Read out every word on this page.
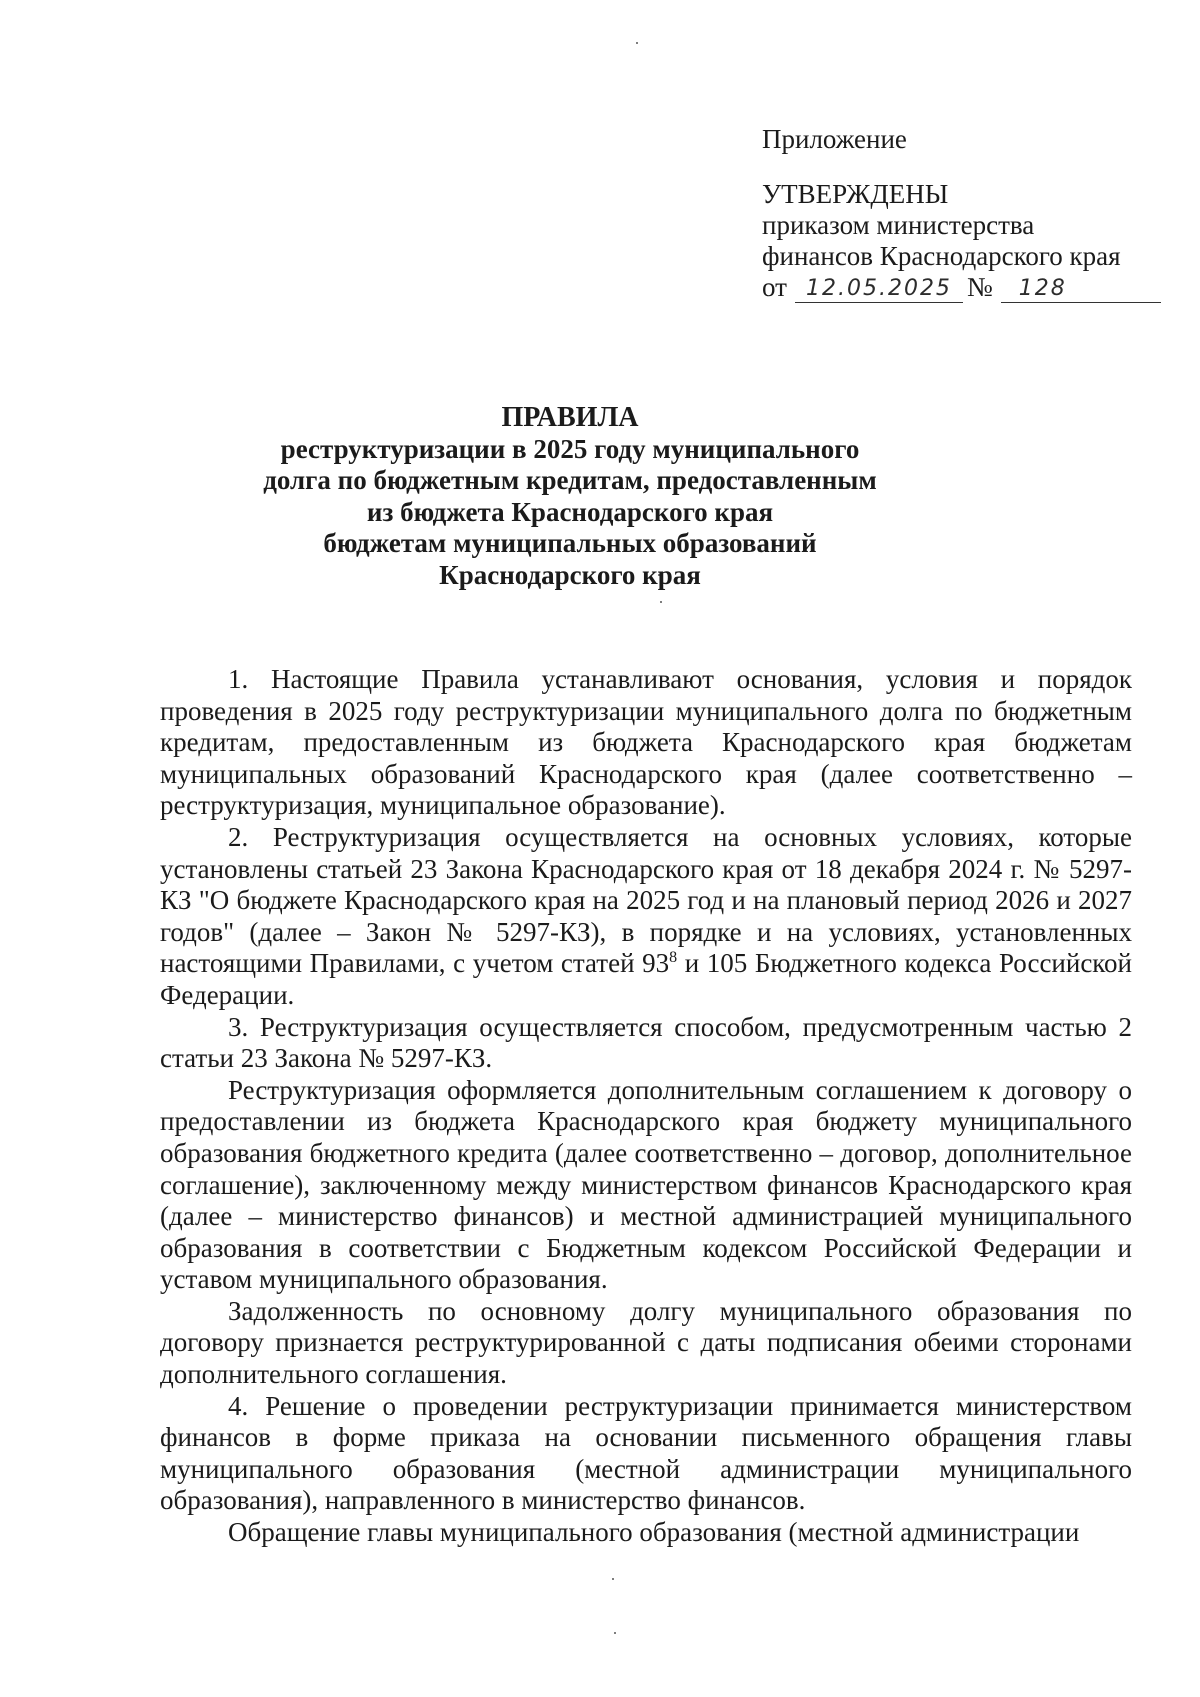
Приложение
УТВЕРЖДЕНЫ
приказом министерства
финансов Краснодарского края
от 12.05.2025 №	128
ПРАВИЛА
реструктуризации в 2025 году муниципального
долга по бюджетным кредитам, предоставленным
из бюджета Краснодарского края
бюджетам муниципальных образований
Краснодарского края

1. Настоящие Правила устанавливают основания, условия и порядок проведения в 2025 году реструктуризации муниципального долга по бюджетным кредитам, предоставленным из бюджета Краснодарского края бюджетам муниципальных образований Краснодарского края (далее соответственно – реструктуризация, муниципальное образование).

2. Реструктуризация осуществляется на основных условиях, которые установлены статьей 23 Закона Краснодарского края от 18 декабря 2024 г. № 5297-КЗ "О бюджете Краснодарского края на 2025 год и на плановый период 2026 и 2027 годов" (далее – Закон № 5297-КЗ), в порядке и на условиях, установленных настоящими Правилами, с учетом статей $93^8$ и 105 Бюджетного кодекса Российской Федерации.

3. Реструктуризация осуществляется способом, предусмотренным частью 2 статьи 23 Закона № 5297-КЗ.

Реструктуризация оформляется дополнительным соглашением к договору о предоставлении из бюджета Краснодарского края бюджету муниципального образования бюджетного кредита (далее соответственно – договор, дополнительное соглашение), заключенному между министерством финансов Краснодарского края (далее – министерство финансов) и местной администрацией муниципального образования в соответствии с Бюджетным кодексом Российской Федерации и уставом муниципального образования.

Задолженность по основному долгу муниципального образования по договору признается реструктурированной с даты подписания обеими сторонами дополнительного соглашения.

4. Решение о проведении реструктуризации принимается министерством финансов в форме приказа на основании письменного обращения главы муниципального образования (местной администрации муниципального образования), направленного в министерство финансов.

Обращение главы муниципального образования (местной администрации
